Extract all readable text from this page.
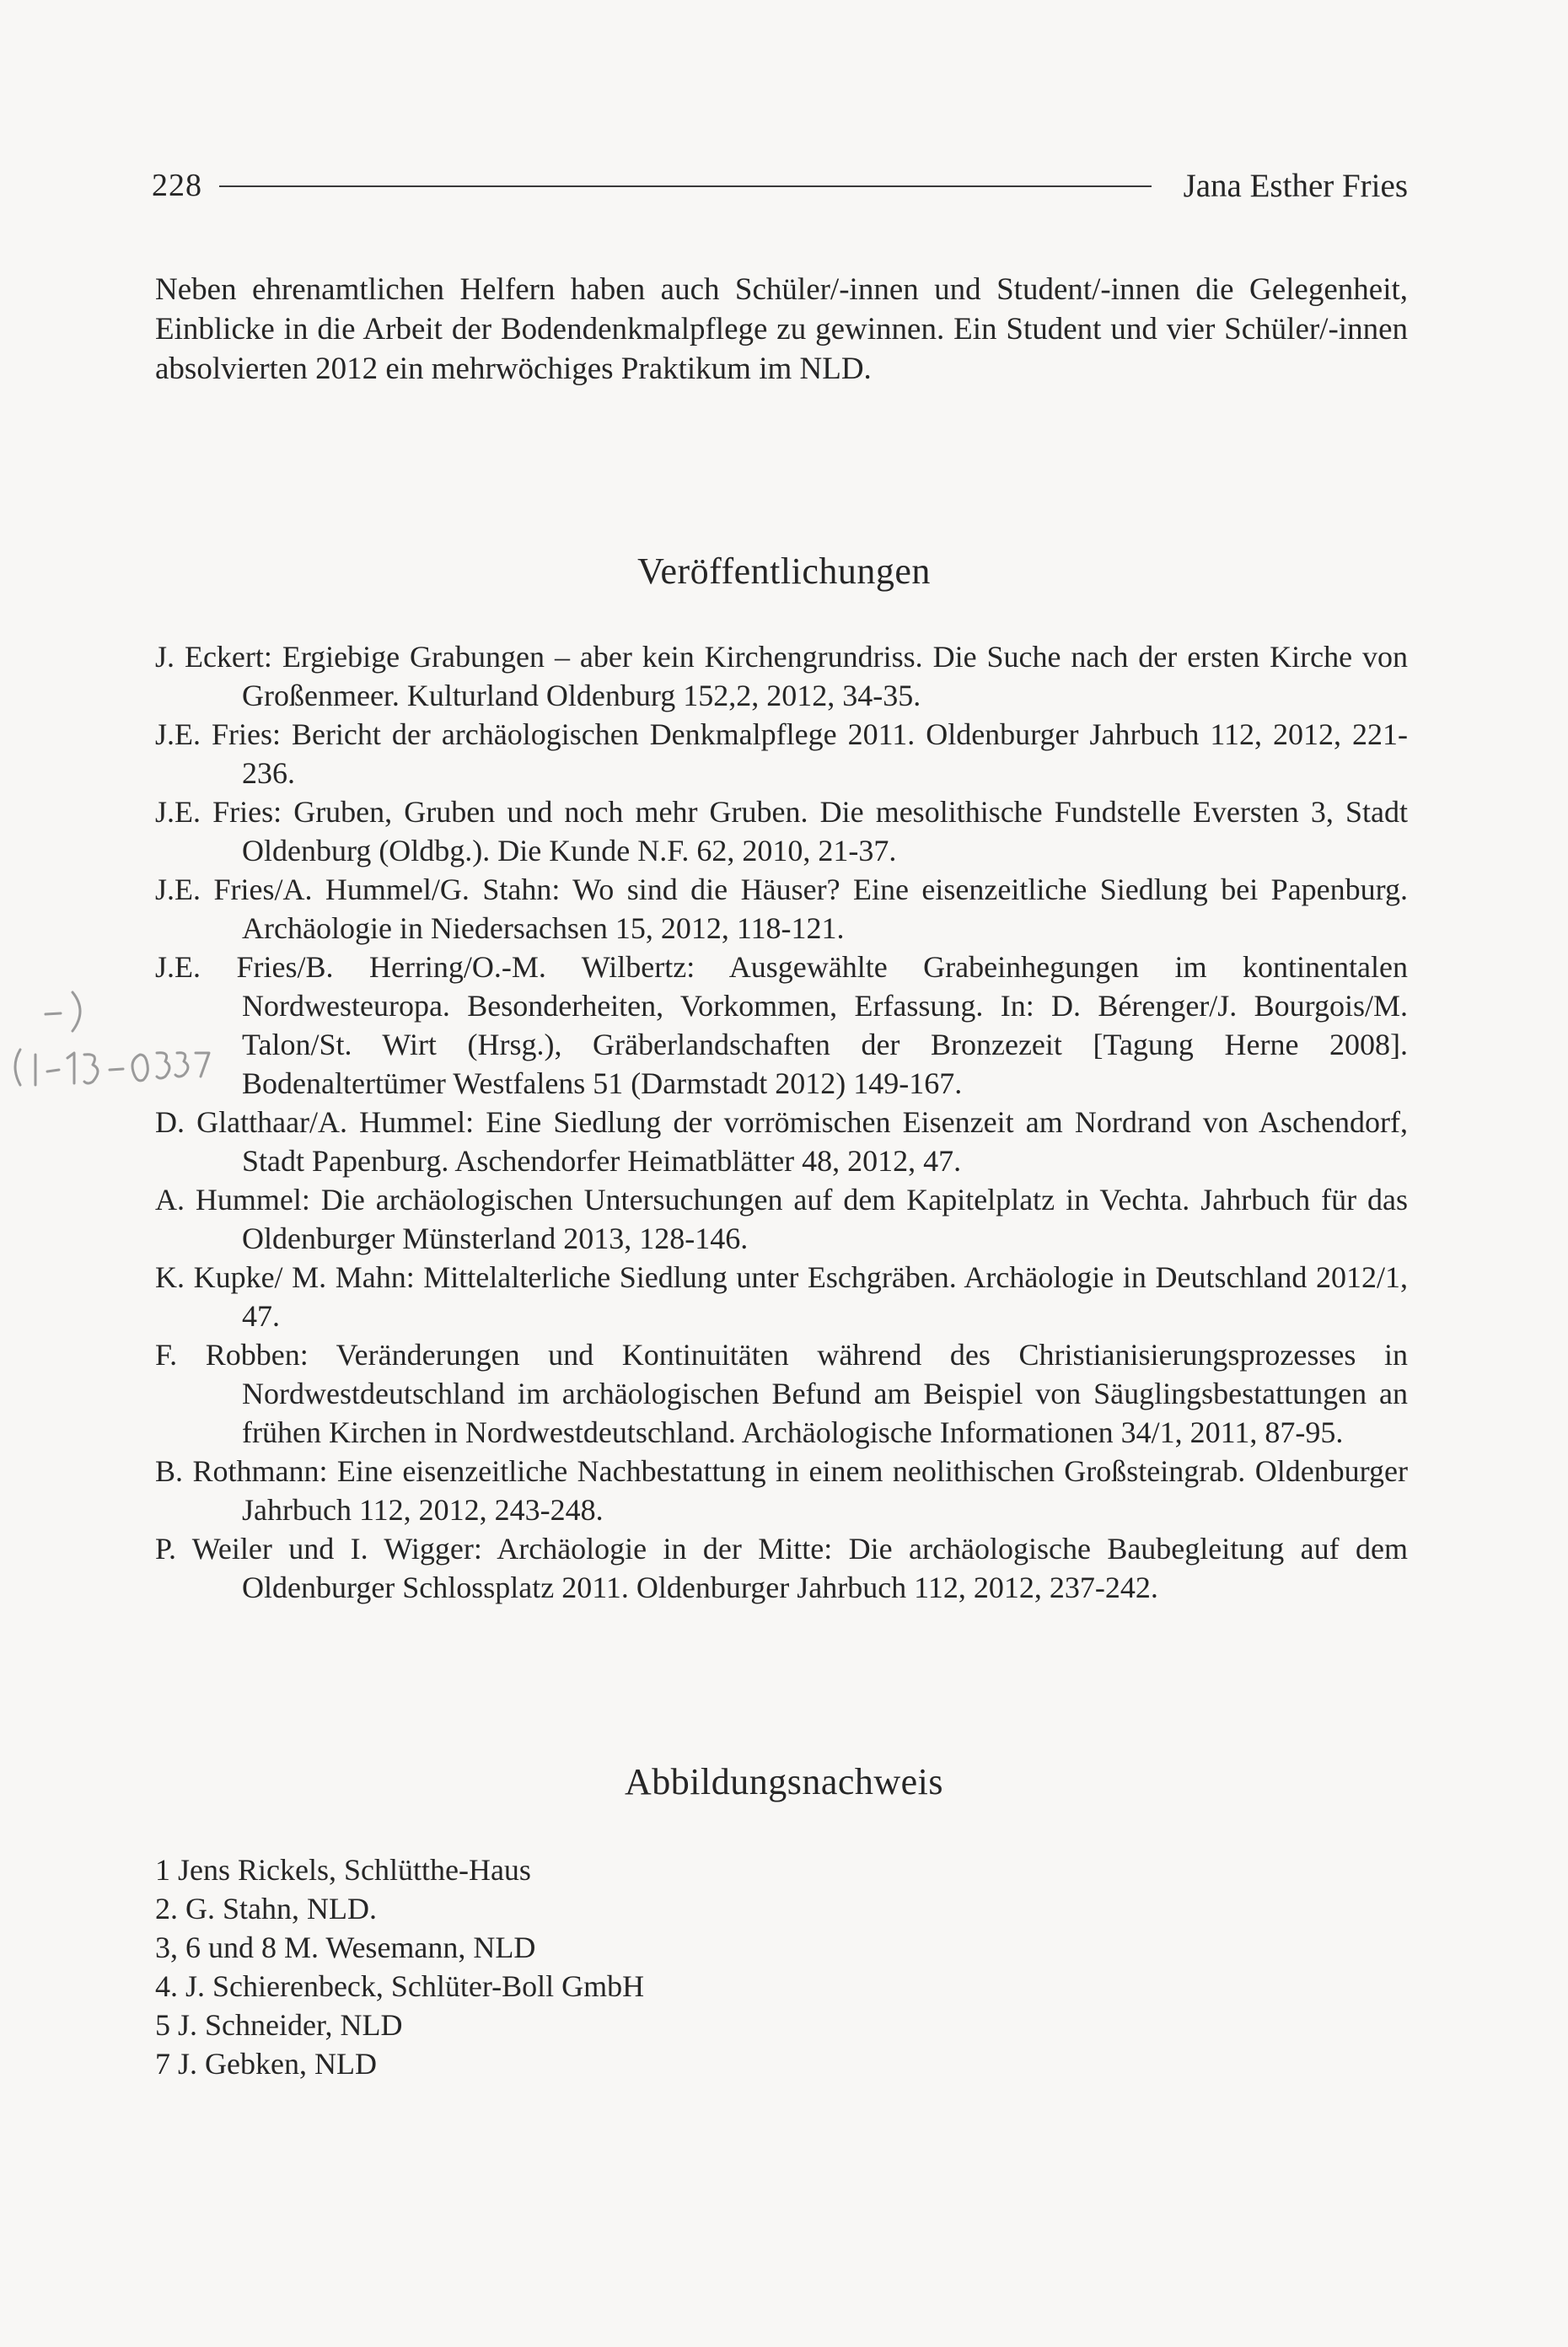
228	Jana Esther Fries

Neben ehrenamtlichen Helfern haben auch Schüler/-innen und Student/-innen die Gelegenheit, Einblicke in die Arbeit der Bodendenkmalpflege zu gewinnen. Ein Student und vier Schüler/-innen absolvierten 2012 ein mehrwöchiges Praktikum im NLD.

Veröffentlichungen
J. Eckert: Ergiebige Grabungen – aber kein Kirchengrundriss. Die Suche nach der ersten Kirche von Großenmeer. Kulturland Oldenburg 152,2, 2012, 34-35.
J.E. Fries: Bericht der archäologischen Denkmalpflege 2011. Oldenburger Jahrbuch 112, 2012, 221-236.
J.E. Fries: Gruben, Gruben und noch mehr Gruben. Die mesolithische Fundstelle Eversten 3, Stadt Oldenburg (Oldbg.). Die Kunde N.F. 62, 2010, 21-37.
J.E. Fries/A. Hummel/G. Stahn: Wo sind die Häuser? Eine eisenzeitliche Siedlung bei Papenburg. Archäologie in Niedersachsen 15, 2012, 118-121.
J.E. Fries/B. Herring/O.-M. Wilbertz: Ausgewählte Grabeinhegungen im kontinentalen Nordwesteuropa. Besonderheiten, Vorkommen, Erfassung. In: D. Bérenger/J. Bourgois/M. Talon/St. Wirt (Hrsg.), Gräberlandschaften der Bronzezeit [Tagung Herne 2008]. Bodenaltertümer Westfalens 51 (Darmstadt 2012) 149-167.
D. Glatthaar/A. Hummel: Eine Siedlung der vorrömischen Eisenzeit am Nordrand von Aschendorf, Stadt Papenburg. Aschendorfer Heimatblätter 48, 2012, 47.
A. Hummel: Die archäologischen Untersuchungen auf dem Kapitelplatz in Vechta. Jahrbuch für das Oldenburger Münsterland 2013, 128-146.
K. Kupke/ M. Mahn: Mittelalterliche Siedlung unter Eschgräben. Archäologie in Deutschland 2012/1, 47.
F. Robben: Veränderungen und Kontinuitäten während des Christianisierungsprozesses in Nordwestdeutschland im archäologischen Befund am Beispiel von Säuglingsbestattungen an frühen Kirchen in Nordwestdeutschland. Archäologische Informationen 34/1, 2011, 87-95.
B. Rothmann: Eine eisenzeitliche Nachbestattung in einem neolithischen Großsteingrab. Oldenburger Jahrbuch 112, 2012, 243-248.
P. Weiler und I. Wigger: Archäologie in der Mitte: Die archäologische Baubegleitung auf dem Oldenburger Schlossplatz 2011. Oldenburger Jahrbuch 112, 2012, 237-242.
Abbildungsnachweis
1 Jens Rickels, Schlütthe-Haus
2. G. Stahn, NLD.
3, 6 und 8 M. Wesemann, NLD
4. J. Schierenbeck, Schlüter-Boll GmbH
5 J. Schneider, NLD
7 J. Gebken, NLD
